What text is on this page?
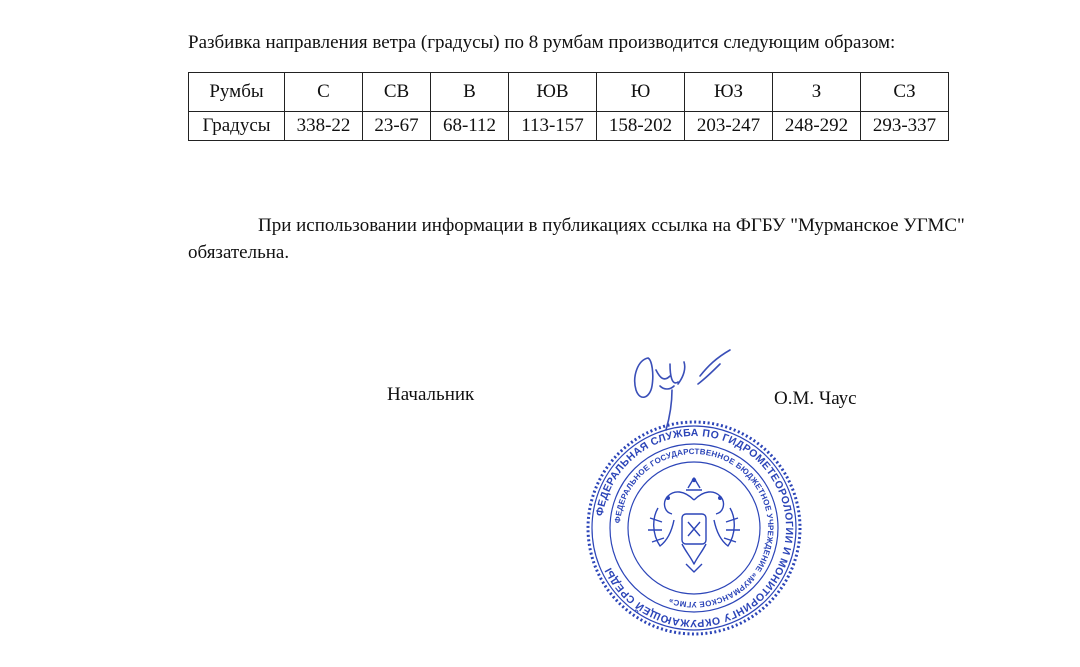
Разбивка направления ветра (градусы) по 8 румбам производится следующим образом:
Румбы	С	СВ	В	ЮВ	Ю	ЮЗ	З	СЗ
Градусы	338-22	23-67	68-112	113-157	158-202	203-247	248-292	293-337
При использовании информации в публикациях ссылка на ФГБУ "Мурманское УГМС" обязательна.
Начальник	О.М. Чаус
ФЕДЕРАЛЬНАЯ СЛУЖБА ПО ГИДРОМЕТЕОРОЛОГИИ И МОНИТОРИНГУ ОКРУЖАЮЩЕЙ СРЕДЫ
ФЕДЕРАЛЬНОЕ ГОСУДАРСТВЕННОЕ БЮДЖЕТНОЕ УЧРЕЖДЕНИЕ «МУРМАНСКОЕ УГМС»
